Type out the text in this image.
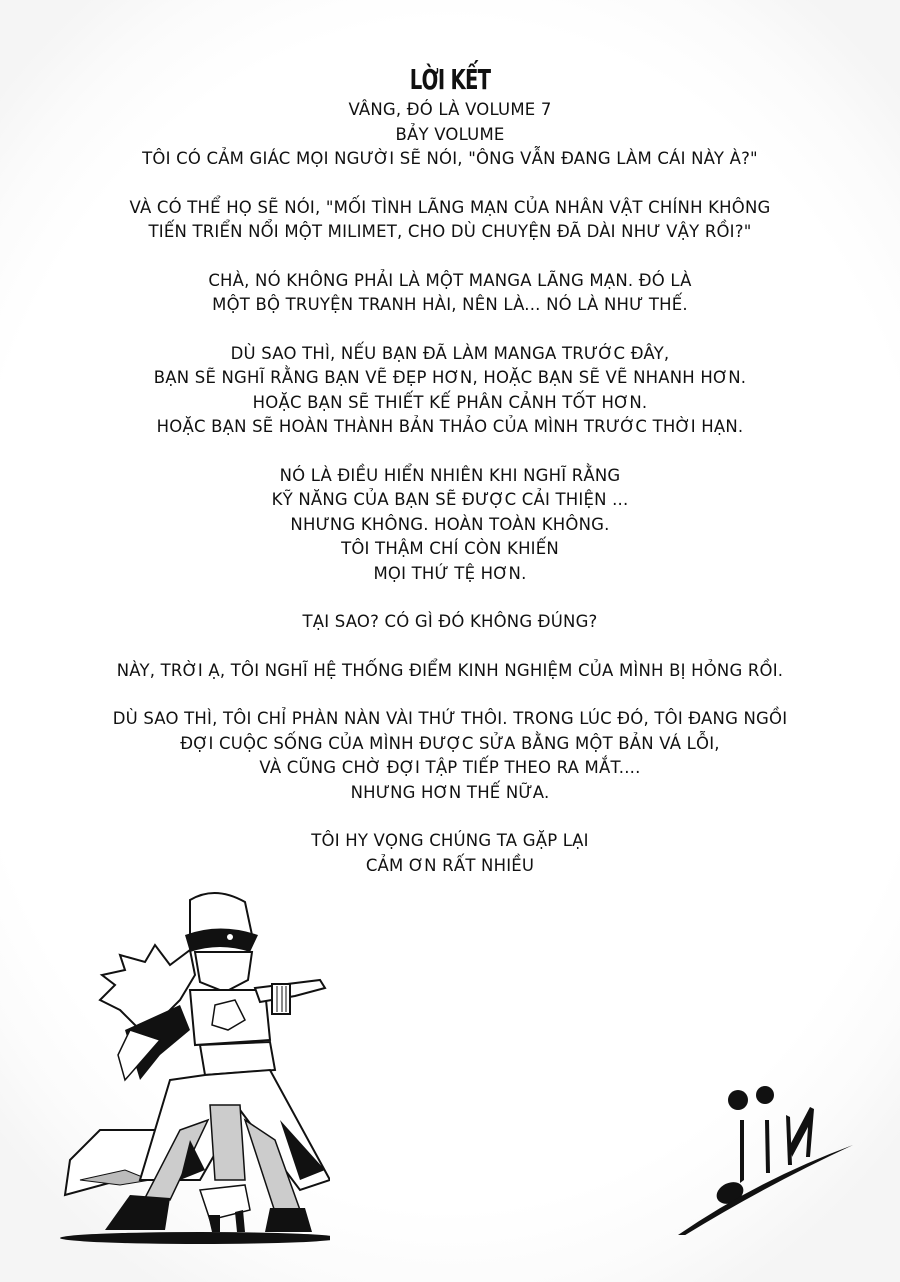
LỜI KẾT
VÂNG, ĐÓ LÀ VOLUME 7
BẢY VOLUME
TÔI CÓ CẢM GIÁC MỌI NGƯỜI SẼ NÓI, "ÔNG VẪN ĐANG LÀM CÁI NÀY À?"
VÀ CÓ THỂ HỌ SẼ NÓI, "MỐI TÌNH LÃNG MẠN CỦA NHÂN VẬT CHÍNH KHÔNG
TIẾN TRIỂN NỔI MỘT MILIMET, CHO DÙ CHUYỆN ĐÃ DÀI NHƯ VẬY RỒI?"
CHÀ, NÓ KHÔNG PHẢI LÀ MỘT MANGA LÃNG MẠN. ĐÓ LÀ
MỘT BỘ TRUYỆN TRANH HÀI, NÊN LÀ... NÓ LÀ NHƯ THẾ.
DÙ SAO THÌ, NẾU BẠN ĐÃ LÀM MANGA TRƯỚC ĐÂY,
BẠN SẼ NGHĨ RẰNG BẠN VẼ ĐẸP HƠN, HOẶC BẠN SẼ VẼ NHANH HƠN.
HOẶC BẠN SẼ THIẾT KẾ PHÂN CẢNH TỐT HƠN.
HOẶC BẠN SẼ HOÀN THÀNH BẢN THẢO CỦA MÌNH TRƯỚC THỜI HẠN.
NÓ LÀ ĐIỀU HIỂN NHIÊN KHI NGHĨ RẰNG
KỸ NĂNG CỦA BẠN SẼ ĐƯỢC CẢI THIỆN ...
NHƯNG KHÔNG. HOÀN TOÀN KHÔNG.
TÔI THẬM CHÍ CÒN KHIẾN
MỌI THỨ TỆ HƠN.
TẠI SAO? CÓ GÌ ĐÓ KHÔNG ĐÚNG?
NÀY, TRỜI Ạ, TÔI NGHĨ HỆ THỐNG ĐIỂM KINH NGHIỆM CỦA MÌNH BỊ HỎNG RỒI.
DÙ SAO THÌ, TÔI CHỈ PHÀN NÀN VÀI THỨ THÔI. TRONG LÚC ĐÓ, TÔI ĐANG NGỒI
ĐỢI CUỘC SỐNG CỦA MÌNH ĐƯỢC SỬA BẰNG MỘT BẢN VÁ LỖI,
VÀ CŨNG CHỜ ĐỢI TẬP TIẾP THEO RA MẮT....
NHƯNG HƠN THẾ NỮA.
TÔI HY VỌNG CHÚNG TA GẶP LẠI
CẢM ƠN RẤT NHIỀU
